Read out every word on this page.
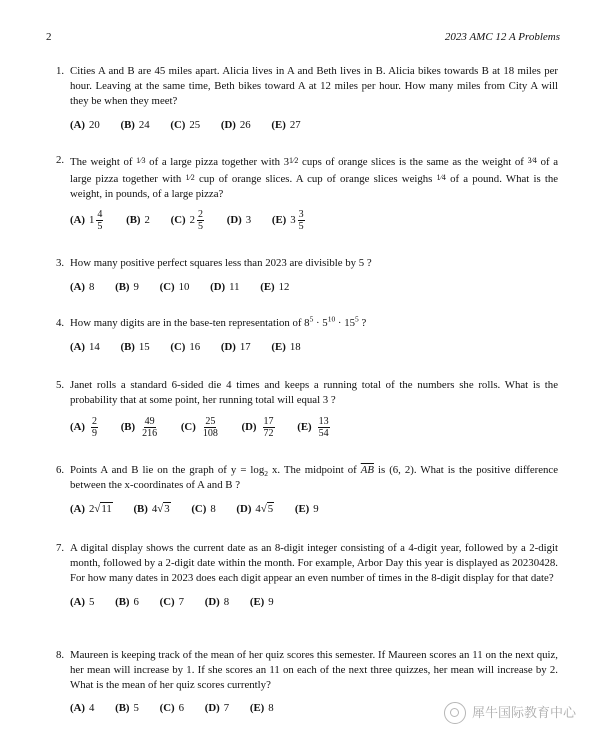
2	2023 AMC 12 A Problems
1. Cities A and B are 45 miles apart. Alicia lives in A and Beth lives in B. Alicia bikes towards B at 18 miles per hour. Leaving at the same time, Beth bikes toward A at 12 miles per hour. How many miles from City A will they be when they meet?

(A) 20
(B) 24
(C) 25
(D) 26
(E) 27
2. The weight of 1⁄3 of a large pizza together with 31⁄2 cups of orange slices is the same as the weight of 3⁄4 of a large pizza together with 1⁄2 cup of orange slices. A cup of orange slices weighs 1⁄4 of a pound. What is the weight, in pounds, of a large pizza?

(A) $1 \frac{4}{5}$
(B) 2
(C) $2 \frac{2}{5}$
(D) 3
(E) $3 \frac{3}{5}$
3. How many positive perfect squares less than 2023 are divisible by 5 ?

(A) 8
(B) 9
(C) 10
(D) 11
(E) 12
4. How many digits are in the base-ten representation of $8^5 \cdot 5^{10} \cdot 15^5$ ?

(A) 14
(B) 15
(C) 16
(D) 17
(E) 18
5. Janet rolls a standard 6-sided die 4 times and keeps a running total of the numbers she rolls. What is the probability that at some point, her running total will equal 3 ?

$(A) \frac{2}{9}$
$(B) \frac{49}{216}$
$(C) \frac{25}{108}$
$(D) \frac{17}{72}$
$(E) \frac{13}{54}$
6. Points A and B lie on the graph of $y = \log_2 x$. The midpoint of $\overline{AB}$ is (6, 2). What is the positive difference between the x-coordinates of A and B ?

(A) 2 √ 11
(B) 4 √ 3
(C) 8
(D) 4 √ 5
(E) 9
7. A digital display shows the current date as an 8-digit integer consisting of a 4-digit year, followed by a 2-digit month, followed by a 2-digit date within the month. For example, Arbor Day this year is displayed as 20230428. For how many dates in 2023 does each digit appear an even number of times in the 8-digit display for that date?

(A) 5
(B) 6
(C) 7
(D) 8
(E) 9
8. Maureen is keeping track of the mean of her quiz scores this semester. If Maureen scores an 11 on the next quiz, her mean will increase by 1. If she scores an 11 on each of the next three quizzes, her mean will increase by 2. What is the mean of her quiz scores currently?

(A) 4
(B) 5
(C) 6
(D) 7
(E) 8	犀牛国际教育中心
